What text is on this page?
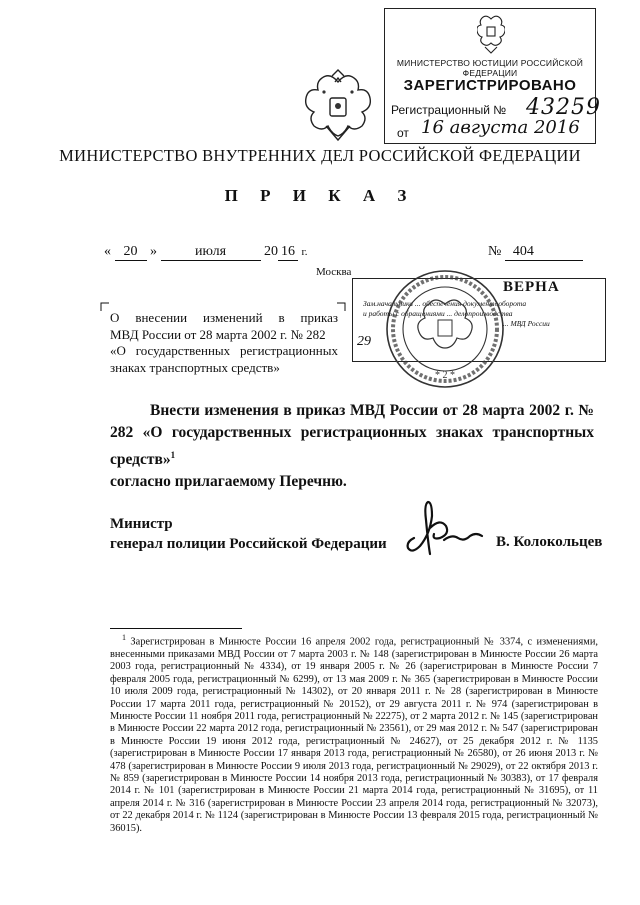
МИНИСТЕРСТВО ЮСТИЦИИ РОССИЙСКОЙ ФЕДЕРАЦИИ
ЗАРЕГИСТРИРОВАНО
Регистрационный № 43259
от 16 августа 2016
МИНИСТЕРСТВО ВНУТРЕННИХ ДЕЛ РОССИЙСКОЙ ФЕДЕРАЦИИ
П Р И К А З
« 20 »	июля	20 16 г.	№ 404
Москва
О внесении изменений в приказ
МВД России от 28 марта 2002 г. № 282
«О государственных регистрационных
знаках транспортных средств»
ВЕРНА
Зам.начальника ... обеспечения документооборота
и работы с обращениями ... делопроизводства
... МВД России
29
* 2 *

Внести изменения в приказ МВД России от 28 марта 2002 г. № 282 «О государственных регистрационных знаках транспортных средств»$^1$

согласно прилагаемому Перечню.
Министр
генерал полиции Российской Федерации	В. Колокольцев
$^1$ Зарегистрирован в Минюсте России 16 апреля 2002 года, регистрационный № 3374, с изменениями, внесенными приказами МВД России от 7 марта 2003 г. № 148 (зарегистрирован в Минюсте России 26 марта 2003 года, регистрационный № 4334), от 19 января 2005 г. № 26 (зарегистрирован в Минюсте России 7 февраля 2005 года, регистрационный № 6299), от 13 мая 2009 г. № 365 (зарегистрирован в Минюсте России 10 июля 2009 года, регистрационный № 14302), от 20 января 2011 г. № 28 (зарегистрирован в Минюсте России 17 марта 2011 года, регистрационный № 20152), от 29 августа 2011 г. № 974 (зарегистрирован в Минюсте России 11 ноября 2011 года, регистрационный № 22275), от 2 марта 2012 г. № 145 (зарегистрирован в Минюсте России 22 марта 2012 года, регистрационный № 23561), от 29 мая 2012 г. № 547 (зарегистрирован в Минюсте России 19 июня 2012 года, регистрационный № 24627), от 25 декабря 2012 г. № 1135 (зарегистрирован в Минюсте России 17 января 2013 года, регистрационный № 26580), от 26 июня 2013 г. № 478 (зарегистрирован в Минюсте России 9 июля 2013 года, регистрационный № 29029), от 22 октября 2013 г. № 859 (зарегистрирован в Минюсте России 14 ноября 2013 года, регистрационный № 30383), от 17 февраля 2014 г. № 101 (зарегистрирован в Минюсте России 21 марта 2014 года, регистрационный № 31695), от 11 апреля 2014 г. № 316 (зарегистрирован в Минюсте России 23 апреля 2014 года, регистрационный № 32073), от 22 декабря 2014 г. № 1124 (зарегистрирован в Минюсте России 13 февраля 2015 года, регистрационный № 36015).
